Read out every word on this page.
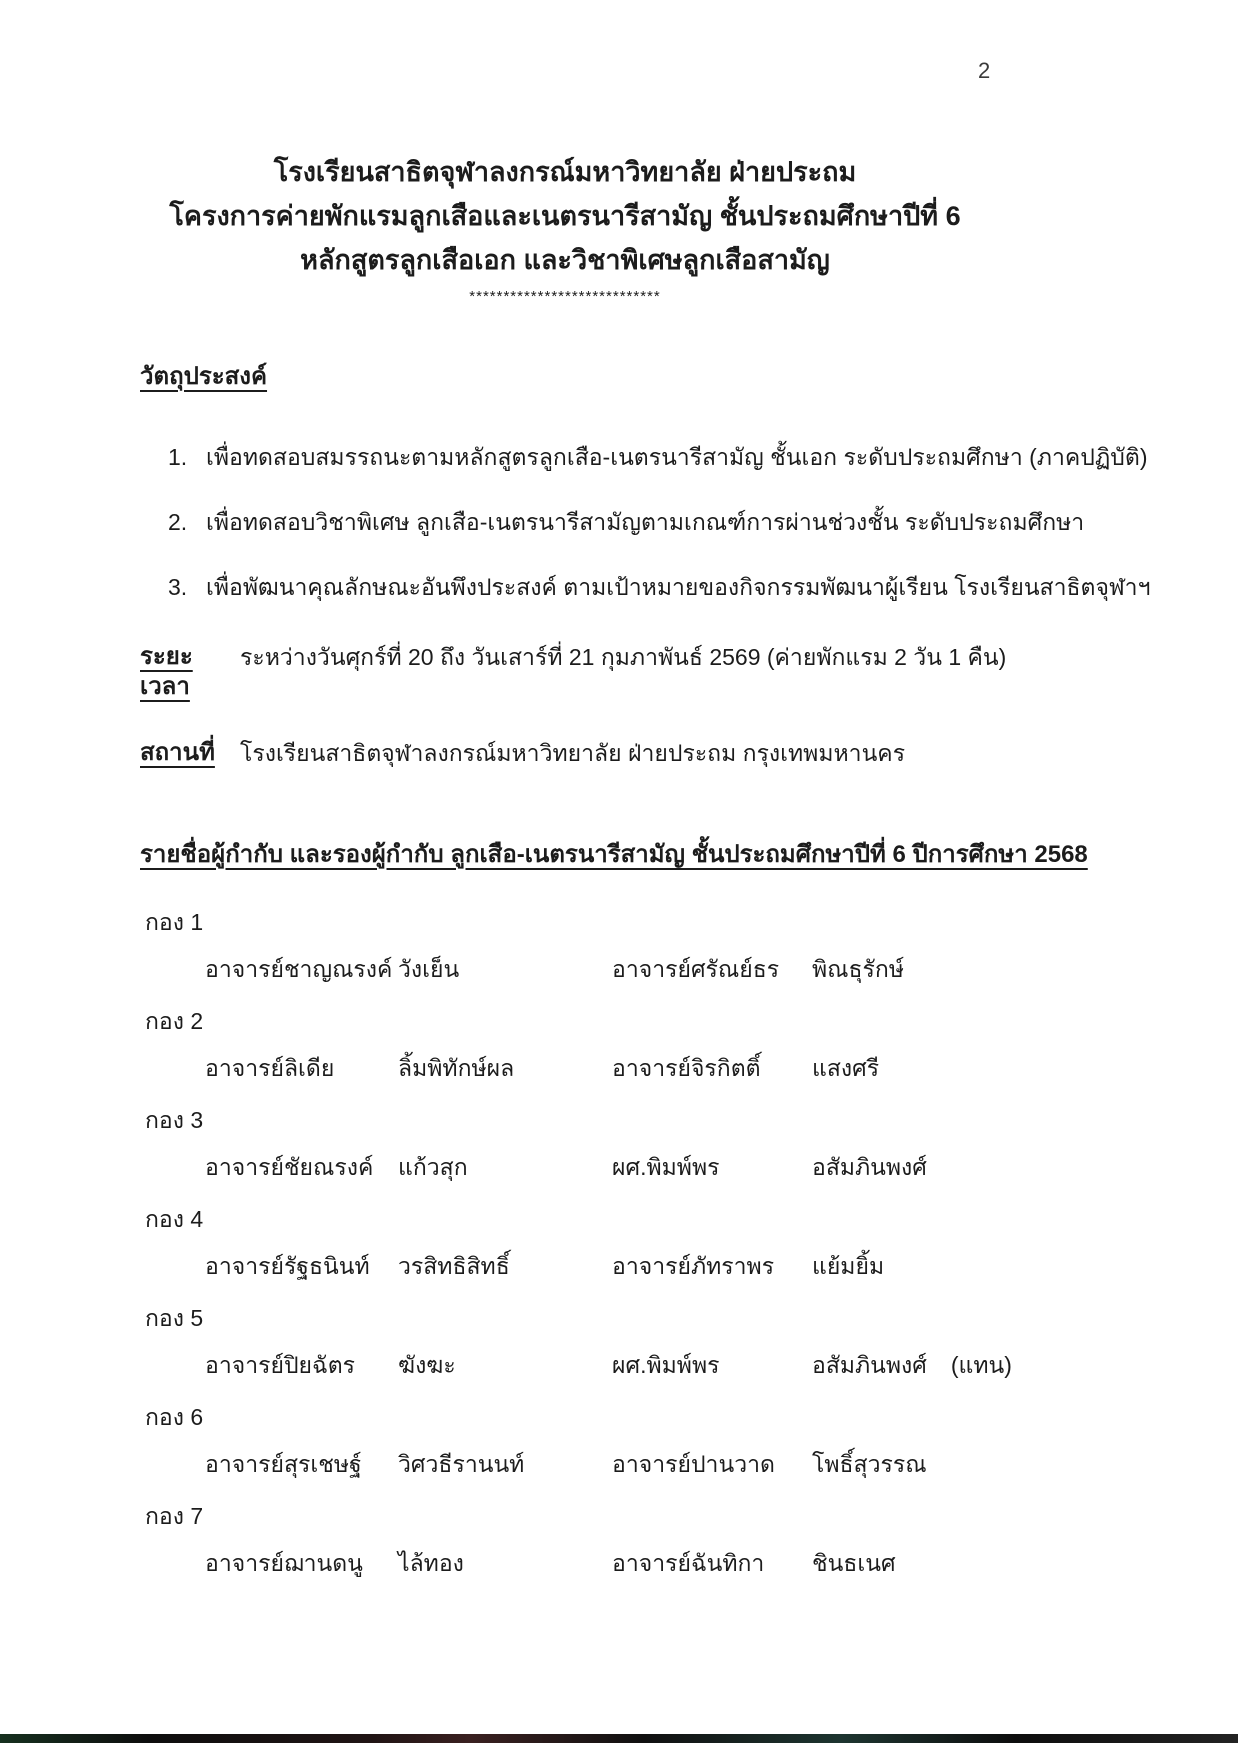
2
โรงเรียนสาธิตจุฬาลงกรณ์มหาวิทยาลัย ฝ่ายประถม
โครงการค่ายพักแรมลูกเสือและเนตรนารีสามัญ ชั้นประถมศึกษาปีที่ 6
หลักสูตรลูกเสือเอก และวิชาพิเศษลูกเสือสามัญ
****************************
วัตถุประสงค์
1. เพื่อทดสอบสมรรถนะตามหลักสูตรลูกเสือ-เนตรนารีสามัญ ชั้นเอก ระดับประถมศึกษา (ภาคปฏิบัติ)
2. เพื่อทดสอบวิชาพิเศษ ลูกเสือ-เนตรนารีสามัญตามเกณฑ์การผ่านช่วงชั้น ระดับประถมศึกษา
3. เพื่อพัฒนาคุณลักษณะอันพึงประสงค์ ตามเป้าหมายของกิจกรรมพัฒนาผู้เรียน โรงเรียนสาธิตจุฬาฯ
ระยะเวลา
ระหว่างวันศุกร์ที่ 20 ถึง วันเสาร์ที่ 21 กุมภาพันธ์ 2569 (ค่ายพักแรม 2 วัน 1 คืน)
สถานที่	โรงเรียนสาธิตจุฬาลงกรณ์มหาวิทยาลัย ฝ่ายประถม กรุงเทพมหานคร
รายชื่อผู้กำกับ และรองผู้กำกับ ลูกเสือ-เนตรนารีสามัญ ชั้นประถมศึกษาปีที่ 6 ปีการศึกษา 2568
กอง 1
อาจารย์ชาญณรงค์ วังเย็น	อาจารย์ศรัณย์ธร	พิณธุรักษ์
กอง 2
อาจารย์ลิเดีย	ลิ้มพิทักษ์ผล	อาจารย์จิรกิตติ์	แสงศรี
กอง 3
อาจารย์ชัยณรงค์	แก้วสุก	ผศ.พิมพ์พร	อสัมภินพงศ์
กอง 4
อาจารย์รัฐธนินท์	วรสิทธิสิทธิ์	อาจารย์ภัทราพร	แย้มยิ้ม
กอง 5
อาจารย์ปิยฉัตร	ฆังฆะ	ผศ.พิมพ์พร	อสัมภินพงศ์ (แทน)
กอง 6
อาจารย์สุรเชษฐ์	วิศวธีรานนท์	อาจารย์ปานวาด	โพธิ์สุวรรณ
กอง 7
อาจารย์ฌานดนู	ไล้ทอง	อาจารย์ฉันทิกา	ชินธเนศ
